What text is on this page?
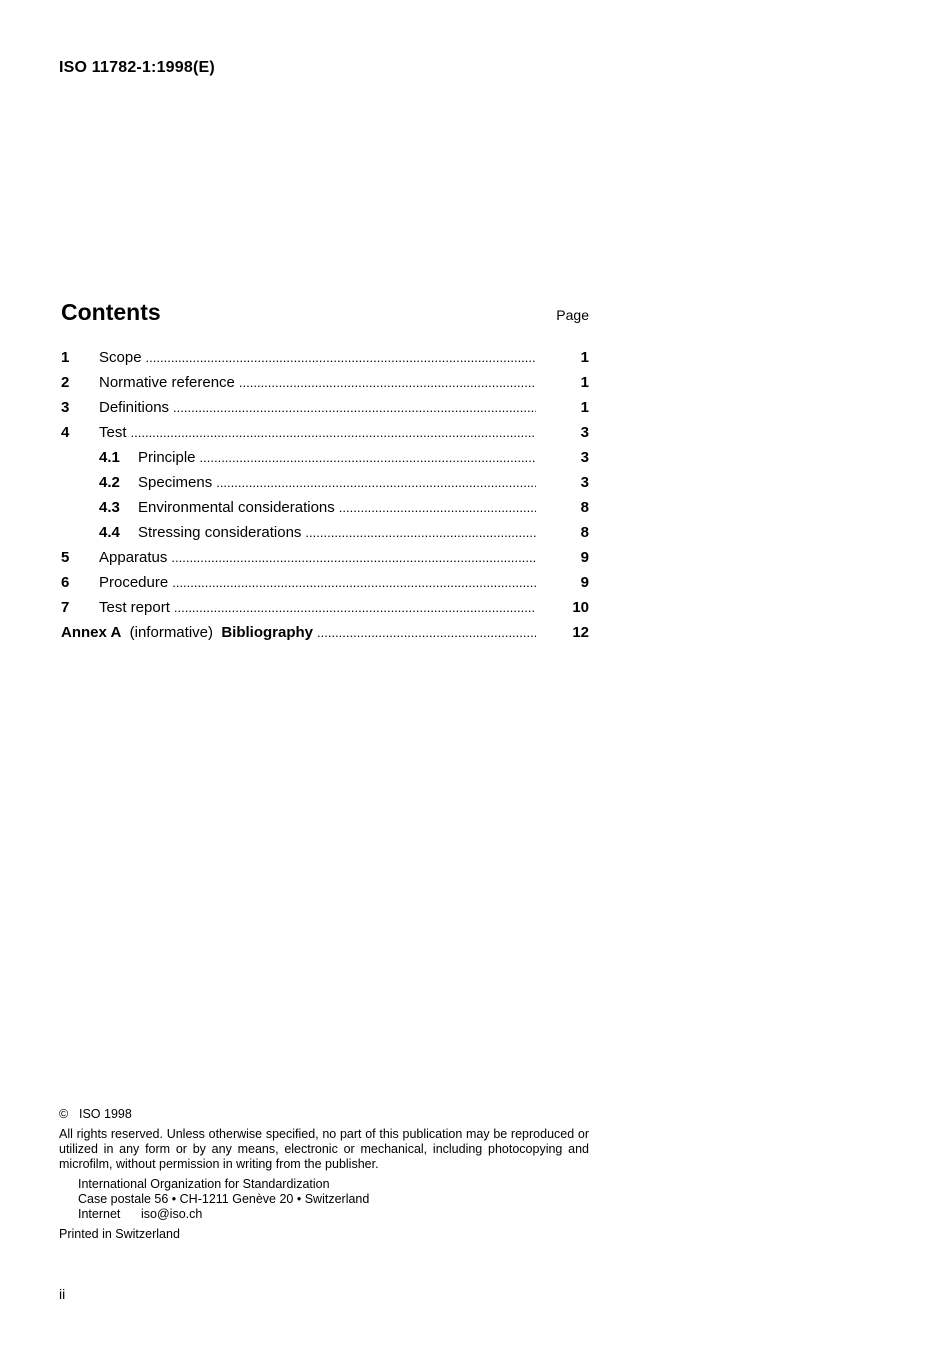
ISO 11782-1:1998(E)
Contents	Page
1 Scope .....	1
2 Normative reference .....	1
3 Definitions .....	1
4 Test .....	3
4.1 Principle .....	3
4.2 Specimens .....	3
4.3 Environmental considerations .....	8
4.4 Stressing considerations .....	8
5 Apparatus .....	9
6 Procedure .....	9
7 Test report .....	10
Annex A (informative) Bibliography .....	12
© ISO 1998
All rights reserved. Unless otherwise specified, no part of this publication may be reproduced or utilized in any form or by any means, electronic or mechanical, including photocopying and microfilm, without permission in writing from the publisher.
International Organization for Standardization
Case postale 56 • CH-1211 Genève 20 • Switzerland
Internet iso@iso.ch
Printed in Switzerland
ii
